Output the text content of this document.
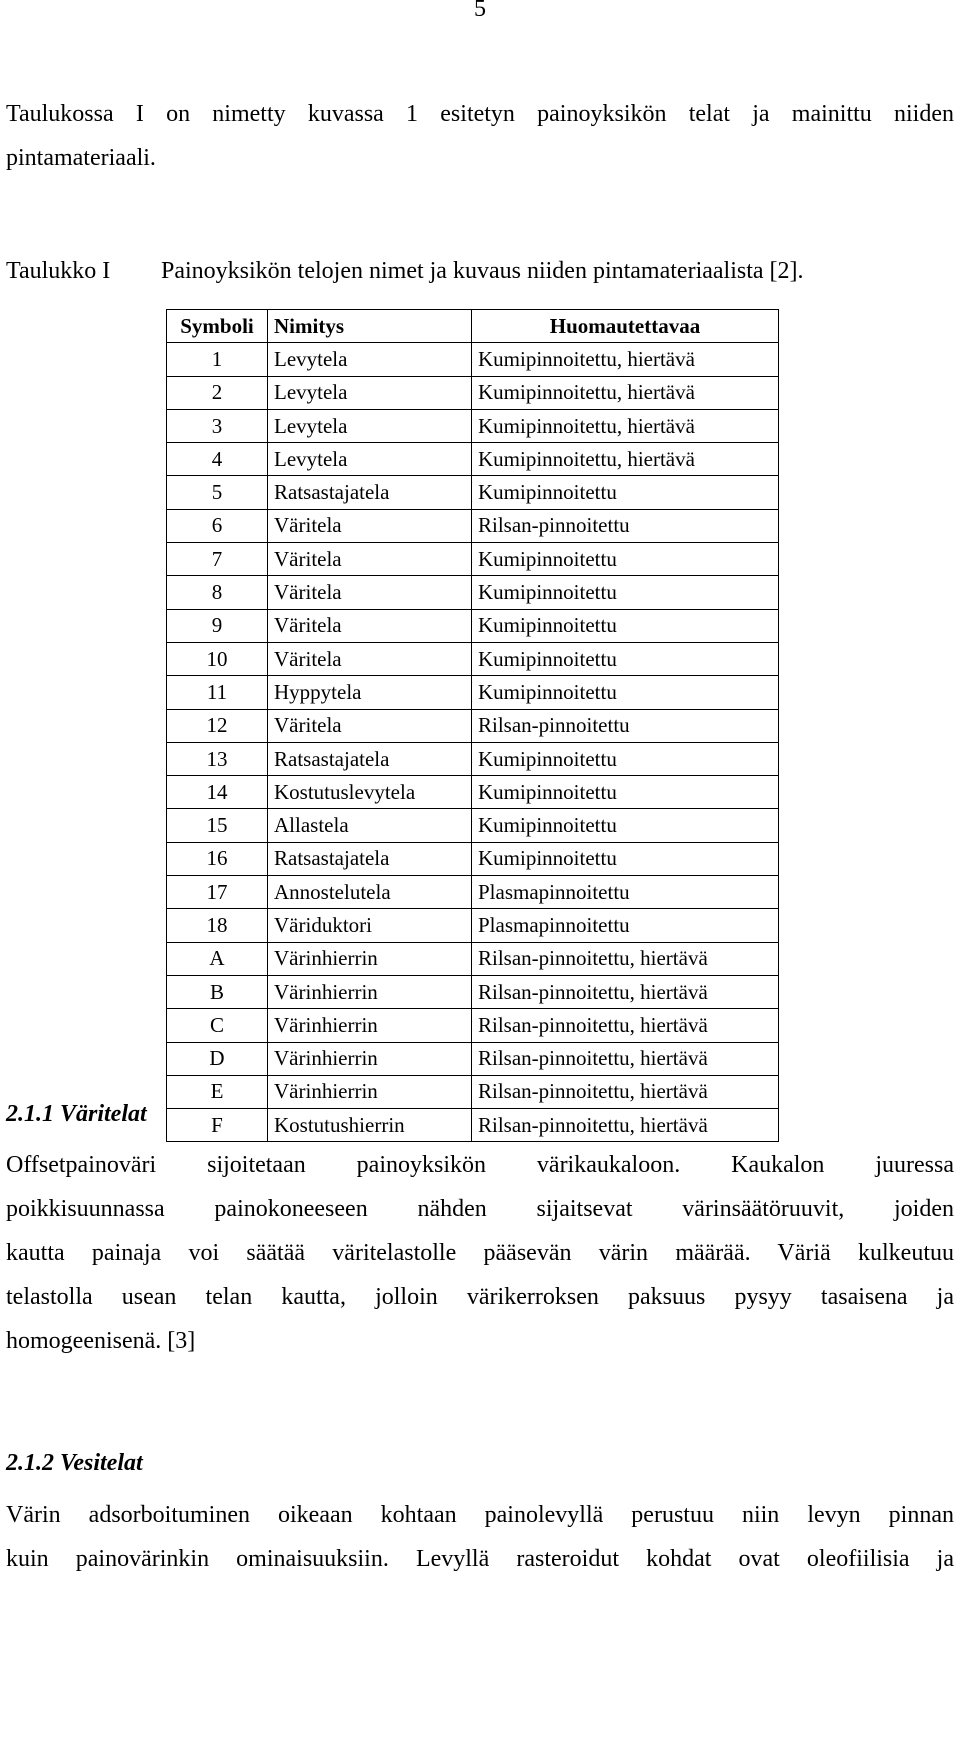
5
Taulukossa I on nimetty kuvassa 1 esitetyn painoyksikön telat ja mainittu niiden
pintamateriaali.
Taulukko I Painoyksikön telojen nimet ja kuvaus niiden pintamateriaalista [2].
Symboli	Nimitys	Huomautettavaa
1	Levytela	Kumipinnoitettu, hiertävä
2	Levytela	Kumipinnoitettu, hiertävä
3	Levytela	Kumipinnoitettu, hiertävä
4	Levytela	Kumipinnoitettu, hiertävä
5	Ratsastajatela	Kumipinnoitettu
6	Väritela	Rilsan-pinnoitettu
7	Väritela	Kumipinnoitettu
8	Väritela	Kumipinnoitettu
9	Väritela	Kumipinnoitettu
10	Väritela	Kumipinnoitettu
11	Hyppytela	Kumipinnoitettu
12	Väritela	Rilsan-pinnoitettu
13	Ratsastajatela	Kumipinnoitettu
14	Kostutuslevytela	Kumipinnoitettu
15	Allastela	Kumipinnoitettu
16	Ratsastajatela	Kumipinnoitettu
17	Annostelutela	Plasmapinnoitettu
18	Väriduktori	Plasmapinnoitettu
A	Värinhierrin	Rilsan-pinnoitettu, hiertävä
B	Värinhierrin	Rilsan-pinnoitettu, hiertävä
C	Värinhierrin	Rilsan-pinnoitettu, hiertävä
D	Värinhierrin	Rilsan-pinnoitettu, hiertävä
E	Värinhierrin	Rilsan-pinnoitettu, hiertävä
F	Kostutushierrin	Rilsan-pinnoitettu, hiertävä
2.1.1 Väritelat
Offsetpainoväri sijoitetaan painoyksikön värikaukaloon. Kaukalon juuressa
poikkisuunnassa painokoneeseen nähden sijaitsevat värinsäätöruuvit, joiden
kautta painaja voi säätää väritelastolle pääsevän värin määrää. Väriä kulkeutuu
telastolla usean telan kautta, jolloin värikerroksen paksuus pysyy tasaisena ja
homogeenisenä. [3]
2.1.2 Vesitelat
Värin adsorboituminen oikeaan kohtaan painolevyllä perustuu niin levyn pinnan
kuin painovärinkin ominaisuuksiin. Levyllä rasteroidut kohdat ovat oleofiilisia ja
